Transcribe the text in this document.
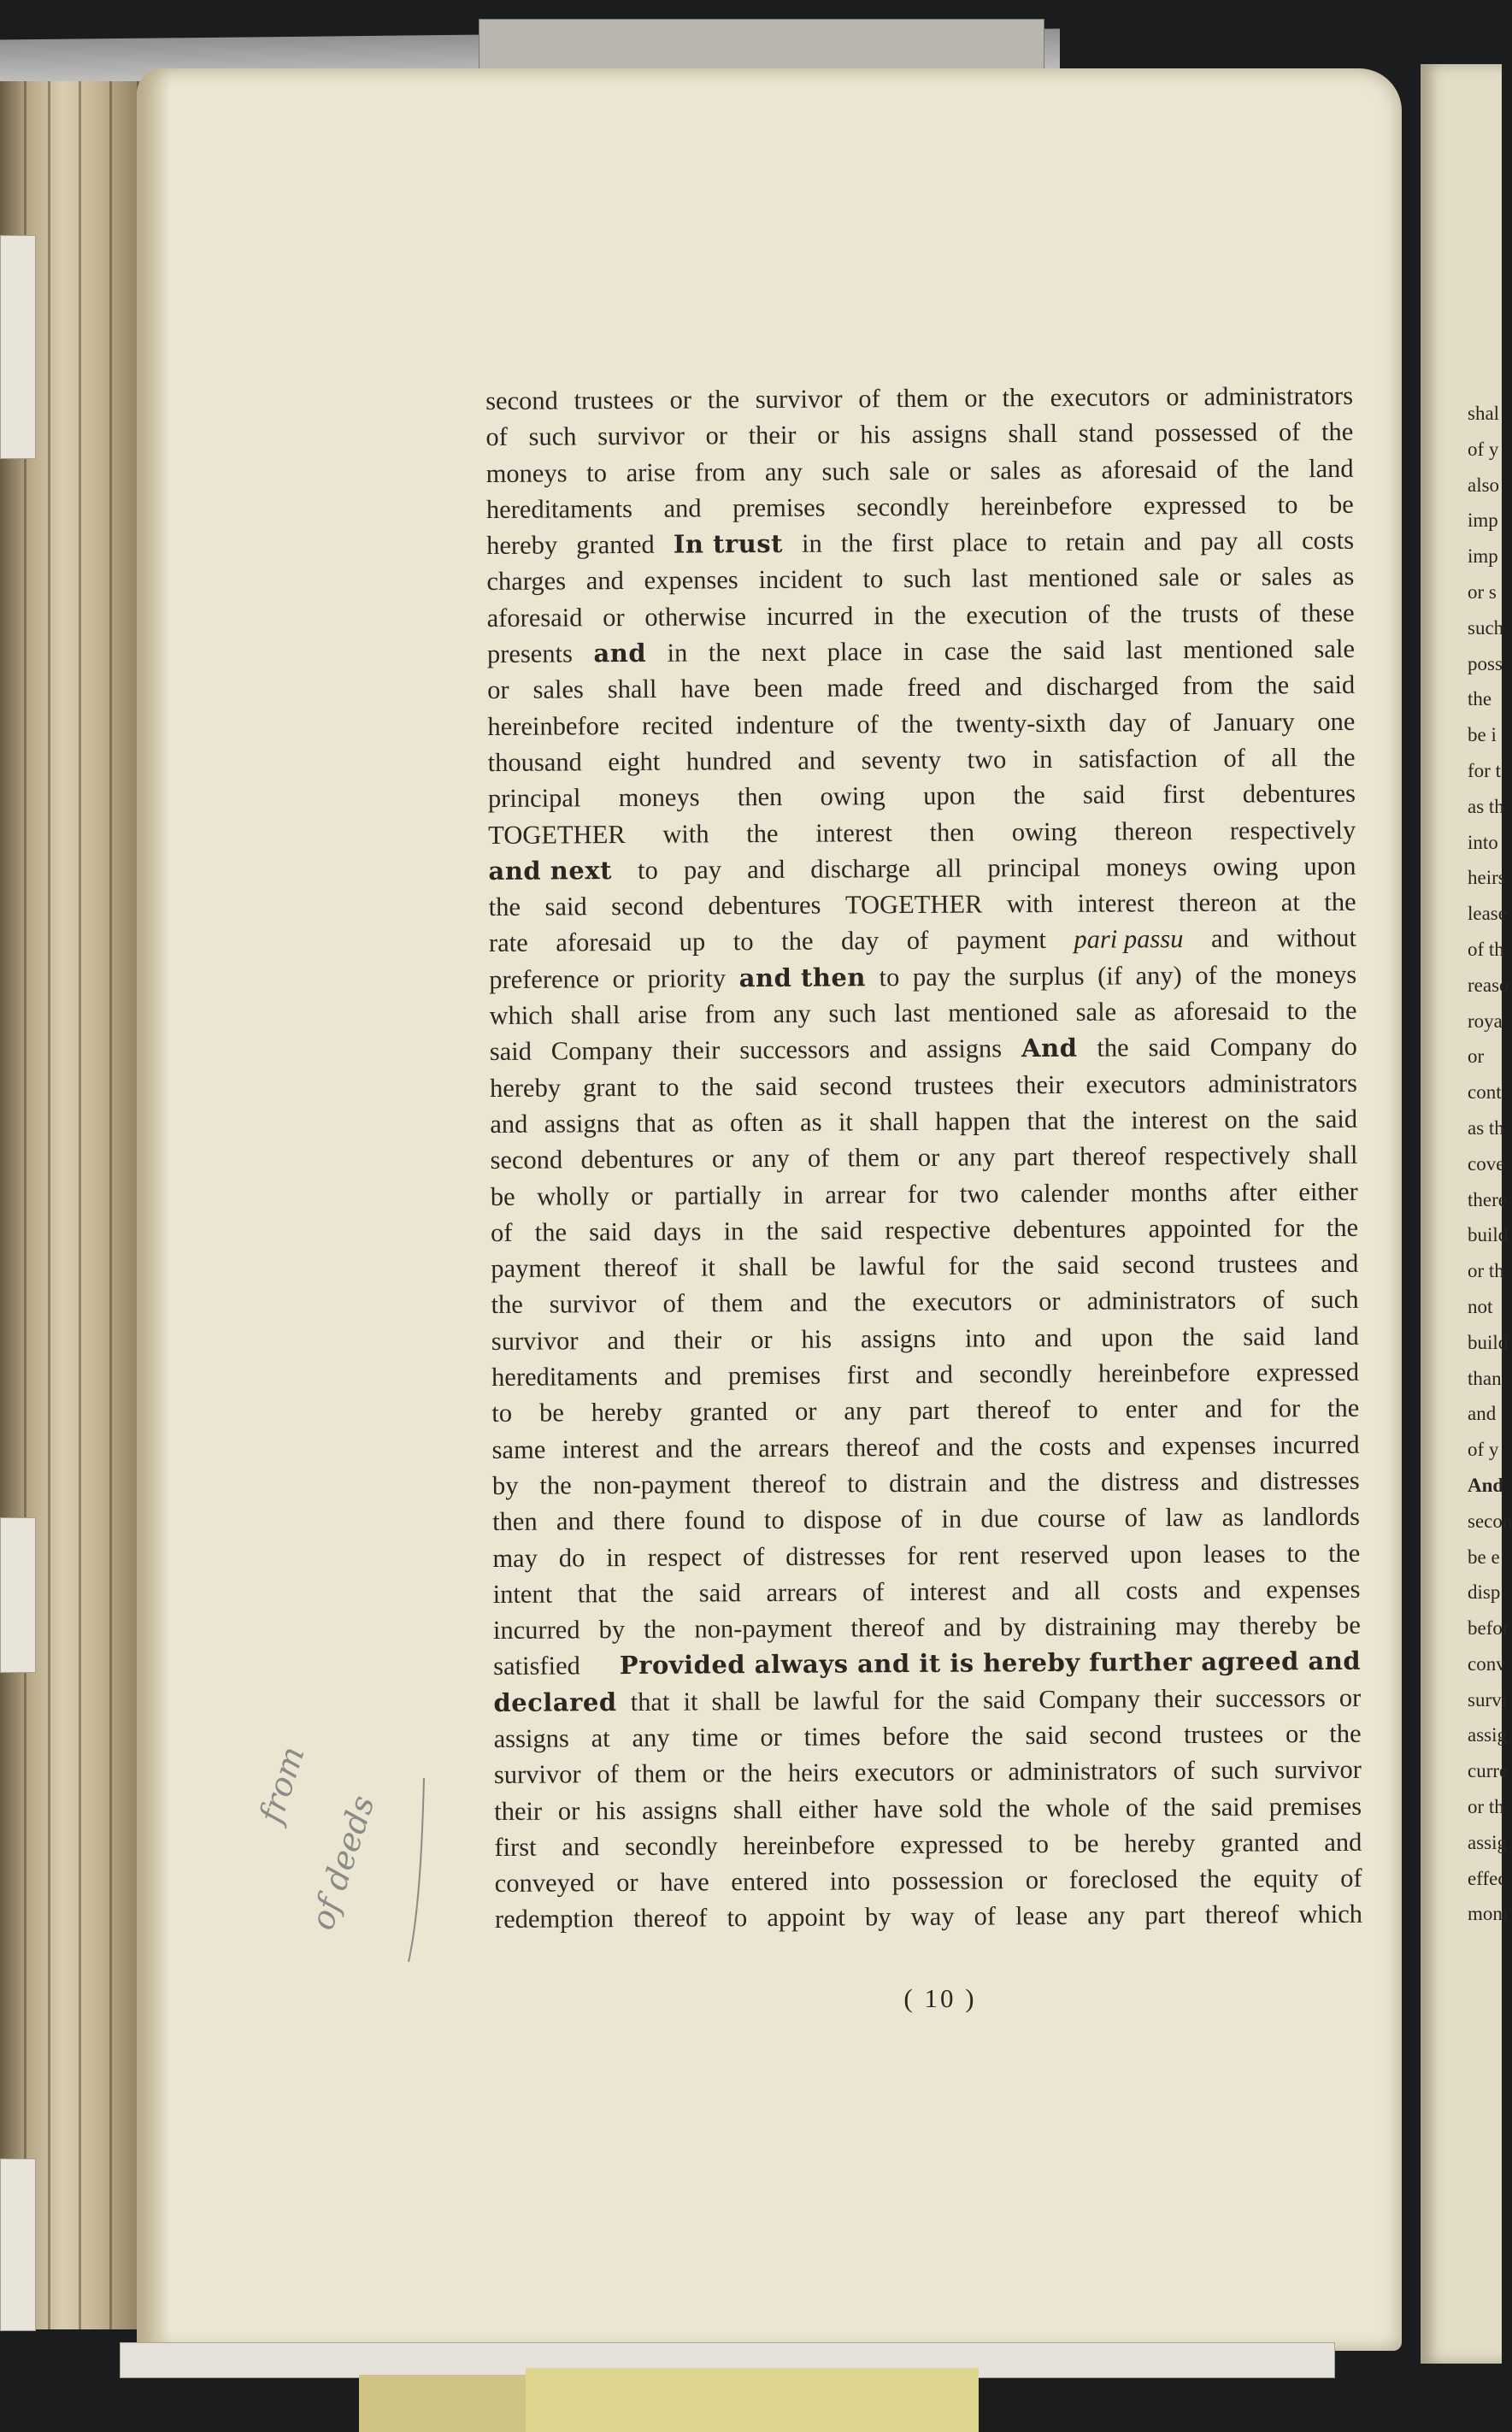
shal
of y
also
imp
imp
or s
such
poss
the
be i
for t
as th
into
heirs
lease
of th
reaso
roya
or
cont
as th
cove
there
build
or th
not
build
than
and
of y
And
secon
be e
disp
befor
conv
survi
assig
curre
or th
assig
effec
moni
second trustees or the survivor of them or the executors or administrators
of such survivor or their or his assigns shall stand possessed of the
moneys to arise from any such sale or sales as aforesaid of the land
hereditaments and premises secondly hereinbefore expressed to be
hereby granted In trust in the first place to retain and pay all costs
charges and expenses incident to such last mentioned sale or sales as
aforesaid or otherwise incurred in the execution of the trusts of these
presents and in the next place in case the said last mentioned sale
or sales shall have been made freed and discharged from the said
hereinbefore recited indenture of the twenty-sixth day of January one
thousand eight hundred and seventy two in satisfaction of all the
principal moneys then owing upon the said first debentures
TOGETHER with the interest then owing thereon respectively
and next to pay and discharge all principal moneys owing upon
the said second debentures TOGETHER with interest thereon at the
rate aforesaid up to the day of payment pari passu and without
preference or priority and then to pay the surplus (if any) of the moneys
which shall arise from any such last mentioned sale as aforesaid to the
said Company their successors and assigns And the said Company do
hereby grant to the said second trustees their executors administrators
and assigns that as often as it shall happen that the interest on the said
second debentures or any of them or any part thereof respectively shall
be wholly or partially in arrear for two calender months after either
of the said days in the said respective debentures appointed for the
payment thereof it shall be lawful for the said second trustees and
the survivor of them and the executors or administrators of such
survivor and their or his assigns into and upon the said land
hereditaments and premises first and secondly hereinbefore expressed
to be hereby granted or any part thereof to enter and for the
same interest and the arrears thereof and the costs and expenses incurred
by the non-payment thereof to distrain and the distress and distresses
then and there found to dispose of in due course of law as landlords
may do in respect of distresses for rent reserved upon leases to the
intent that the said arrears of interest and all costs and expenses
incurred by the non-payment thereof and by distraining may thereby be
satisfied Provided always and it is hereby further agreed and
declared that it shall be lawful for the said Company their successors or
assigns at any time or times before the said second trustees or the
survivor of them or the heirs executors or administrators of such survivor
their or his assigns shall either have sold the whole of the said premises
first and secondly hereinbefore expressed to be hereby granted and
conveyed or have entered into possession or foreclosed the equity of
redemption thereof to appoint by way of lease any part thereof which
( 10 )
from
of deeds
